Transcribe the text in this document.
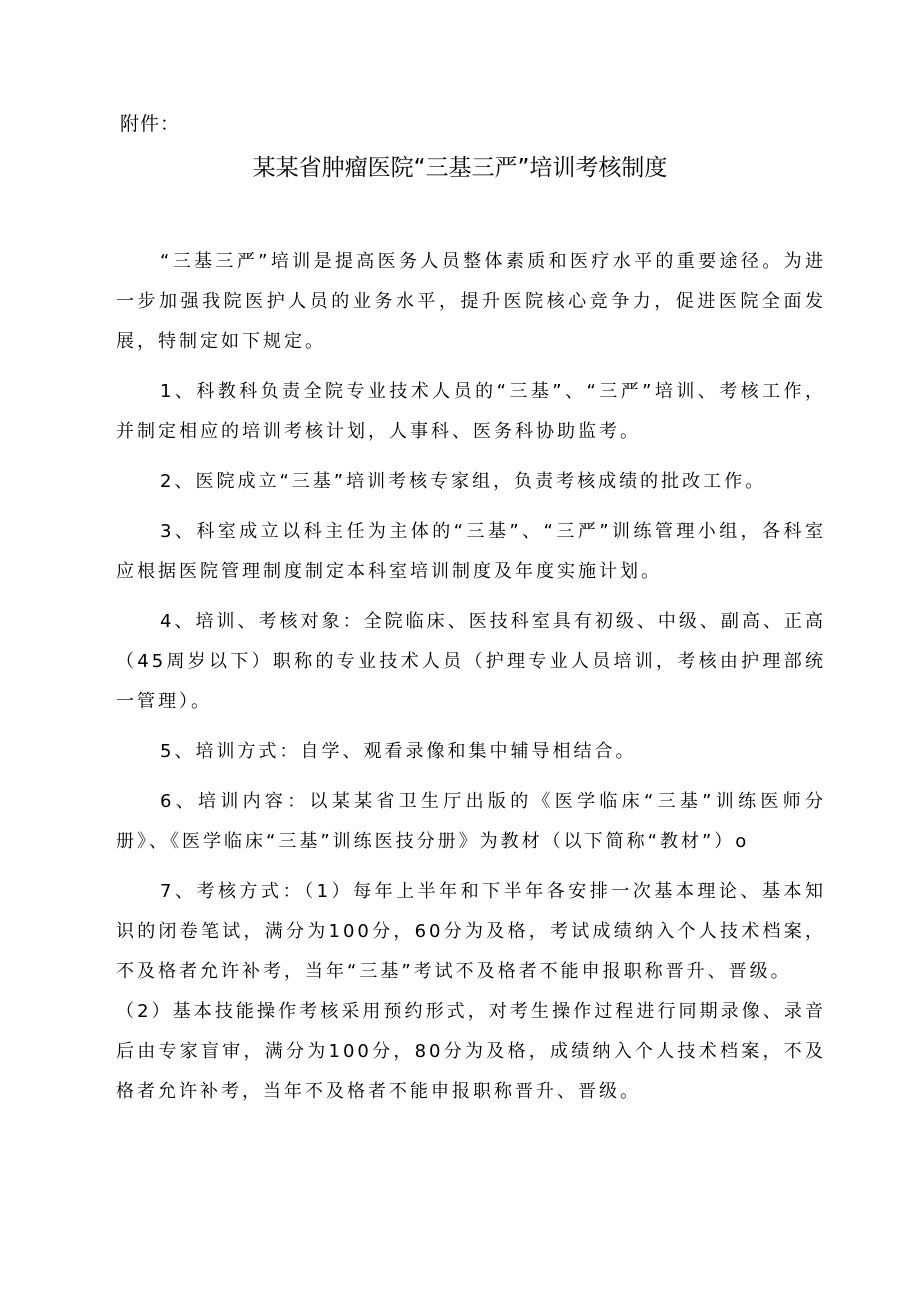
附件：
某某省肿瘤医院“三基三严”培训考核制度

“三基三严”培训是提高医务人员整体素质和医疗水平的重要途径。为进一步加强我院医护人员的业务水平，提升医院核心竞争力，促进医院全面发展，特制定如下规定。

1、科教科负责全院专业技术人员的“三基”、“三严”培训、考核工作，并制定相应的培训考核计划，人事科、医务科协助监考。

2、医院成立“三基”培训考核专家组，负责考核成绩的批改工作。

3、科室成立以科主任为主体的“三基”、“三严”训练管理小组，各科室应根据医院管理制度制定本科室培训制度及年度实施计划。

4、培训、考核对象：全院临床、医技科室具有初级、中级、副高、正高（45周岁以下）职称的专业技术人员（护理专业人员培训，考核由护理部统一管理）。

5、培训方式：自学、观看录像和集中辅导相结合。

6、培训内容：以某某省卫生厅出版的《医学临床“三基”训练医师分册》、《医学临床“三基”训练医技分册》为教材（以下简称“教材”）o

7、考核方式：（1）每年上半年和下半年各安排一次基本理论、基本知识的闭卷笔试，满分为100分，60分为及格，考试成绩纳入个人技术档案，不及格者允许补考，当年“三基”考试不及格者不能申报职称晋升、晋级。

（2）基本技能操作考核采用预约形式，对考生操作过程进行同期录像、录音后由专家盲审，满分为100分，80分为及格，成绩纳入个人技术档案，不及格者允许补考，当年不及格者不能申报职称晋升、晋级。
